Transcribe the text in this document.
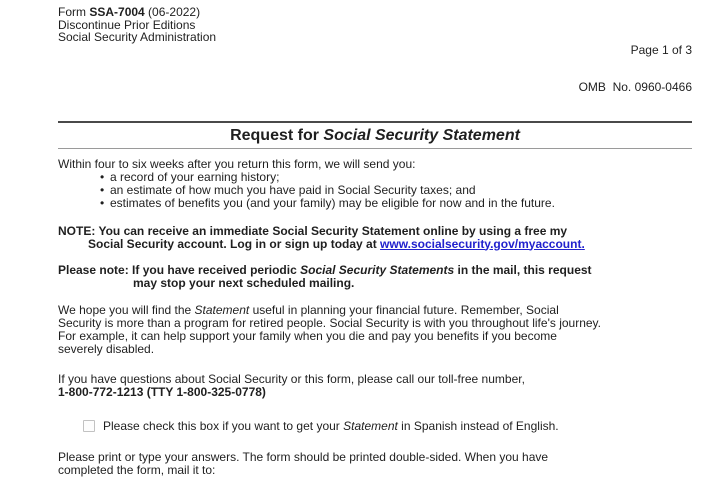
Form SSA-7004 (06-2022)
Discontinue Prior Editions
Social Security Administration

Page 1 of 3

OMB  No. 0960-0466

Request for Social Security Statement
Within four to six weeks after you return this form, we will send you:
• a record of your earning history;
• an estimate of how much you have paid in Social Security taxes; and
• estimates of benefits you (and your family) may be eligible for now and in the future.
NOTE: You can receive an immediate Social Security Statement online by using a free my
Social Security account. Log in or sign up today at www.socialsecurity.gov/myaccount.
Please note: If you have received periodic Social Security Statements in the mail, this request
may stop your next scheduled mailing.
We hope you will find the Statement useful in planning your financial future. Remember, Social
Security is more than a program for retired people. Social Security is with you throughout life's journey.
For example, it can help support your family when you die and pay you benefits if you become
severely disabled.
If you have questions about Social Security or this form, please call our toll-free number,
1-800-772-1213 (TTY 1-800-325-0778)
Please check this box if you want to get your Statement in Spanish instead of English.
Please print or type your answers. The form should be printed double-sided. When you have
completed the form, mail it to:
